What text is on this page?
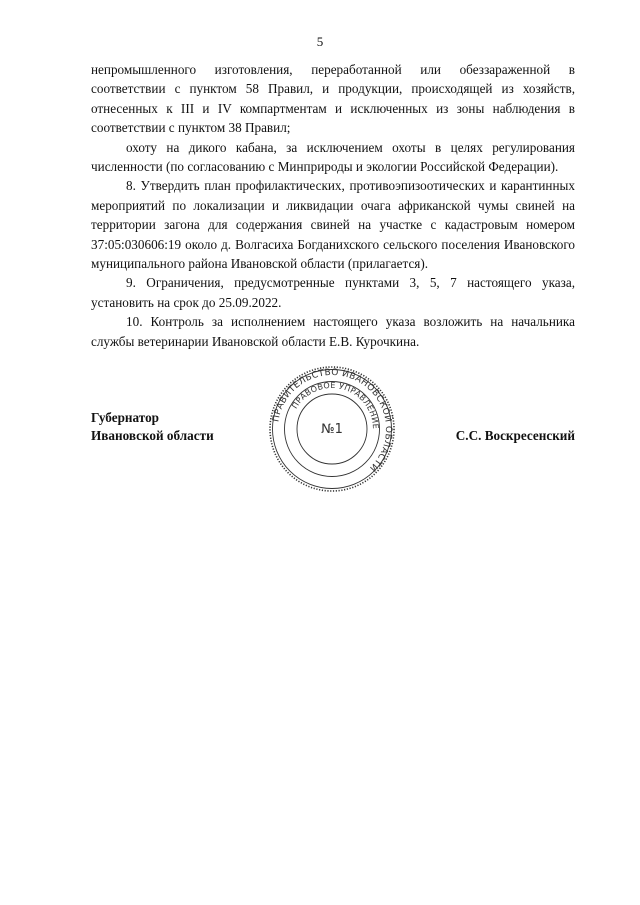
5

непромышленного изготовления, переработанной или обеззараженной в соответствии с пунктом 58 Правил, и продукции, происходящей из хозяйств, отнесенных к III и IV компартментам и исключенных из зоны наблюдения в соответствии с пунктом 38 Правил;

охоту на дикого кабана, за исключением охоты в целях регулирования численности (по согласованию с Минприроды и экологии Российской Федерации).

8. Утвердить план профилактических, противоэпизоотических и карантинных мероприятий по локализации и ликвидации очага африканской чумы свиней на территории загона для содержания свиней на участке с кадастровым номером 37:05:030606:19 около д. Волгасиха Богданихского сельского поселения Ивановского муниципального района Ивановской области (прилагается).

9. Ограничения, предусмотренные пунктами 3, 5, 7 настоящего указа, установить на срок до 25.09.2022.

10. Контроль за исполнением настоящего указа возложить на начальника службы ветеринарии Ивановской области Е.В. Курочкина.

Губернатор
Ивановской области
ПРАВИТЕЛЬСТВО ИВАНОВСКОЙ ОБЛАСТИ
ПРАВОВОЕ УПРАВЛЕНИЕ
№1	С.С. Воскресенский
